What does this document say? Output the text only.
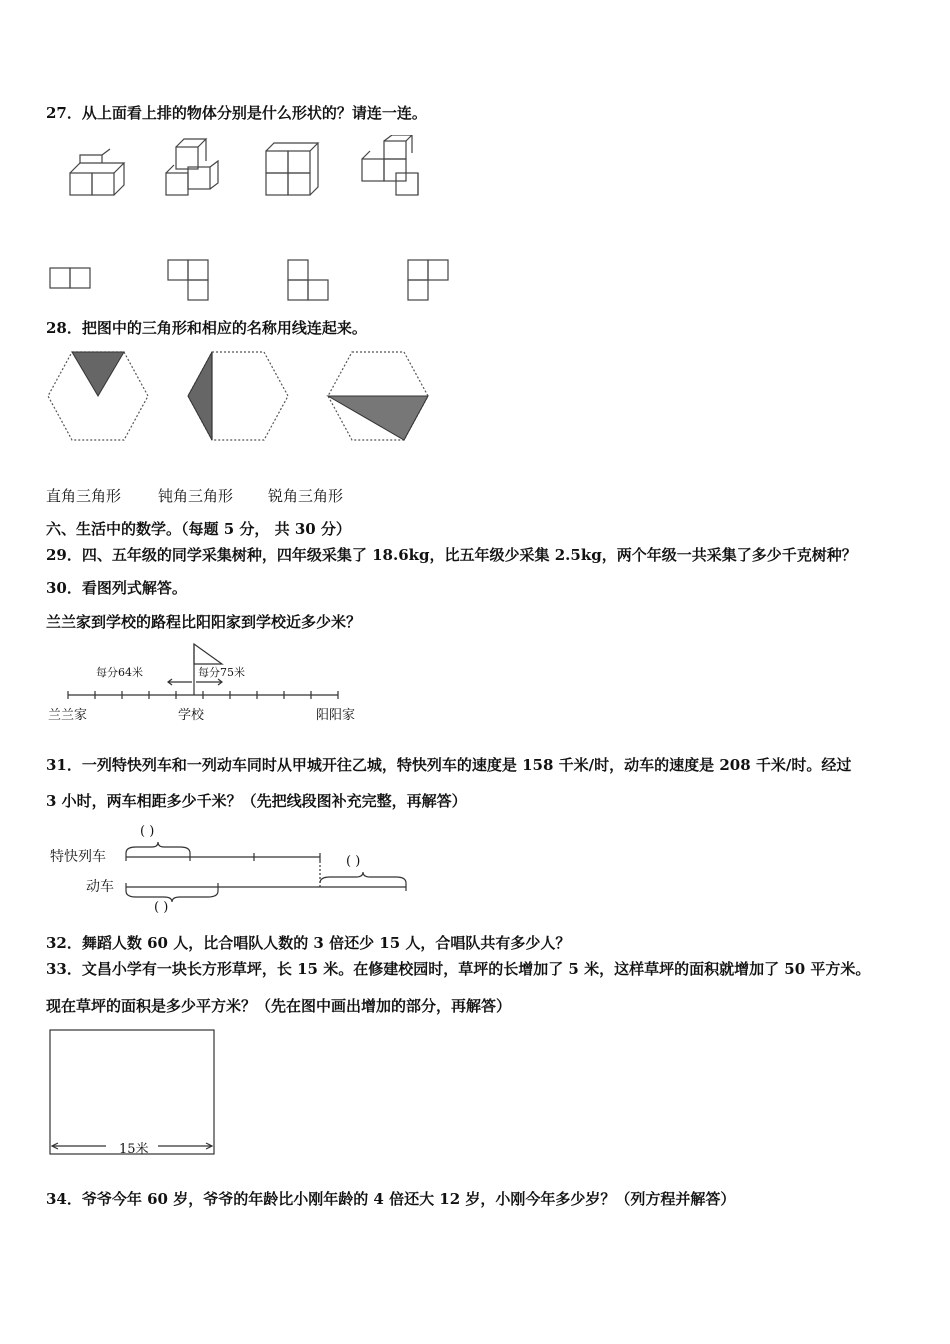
27．从上面看上排的物体分别是什么形状的？请连一连。
28．把图中的三角形和相应的名称用线连起来。
直角三角形 钝角三角形 锐角三角形
六、生活中的数学。（每题 5 分， 共 30 分）
29．四、五年级的同学采集树种，四年级采集了 18.6kg，比五年级少采集 2.5kg，两个年级一共采集了多少千克树种？
30．看图列式解答。
兰兰家到学校的路程比阳阳家到学校近多少米？
每分64米	每分75米
兰兰家	学校	阳阳家
31．一列特快列车和一列动车同时从甲城开往乙城，特快列车的速度是 158 千米/时，动车的速度是 208 千米/时。经过
3 小时，两车相距多少千米？（先把线段图补充完整，再解答）
特快列车
动车
( )
( )
( )
32．舞蹈人数 60 人，比合唱队人数的 3 倍还少 15 人，合唱队共有多少人？
33．文昌小学有一块长方形草坪，长 15 米。在修建校园时，草坪的长增加了 5 米，这样草坪的面积就增加了 50 平方米。
现在草坪的面积是多少平方米？（先在图中画出增加的部分，再解答）
15米
34．爷爷今年 60 岁，爷爷的年龄比小刚年龄的 4 倍还大 12 岁，小刚今年多少岁？（列方程并解答）
